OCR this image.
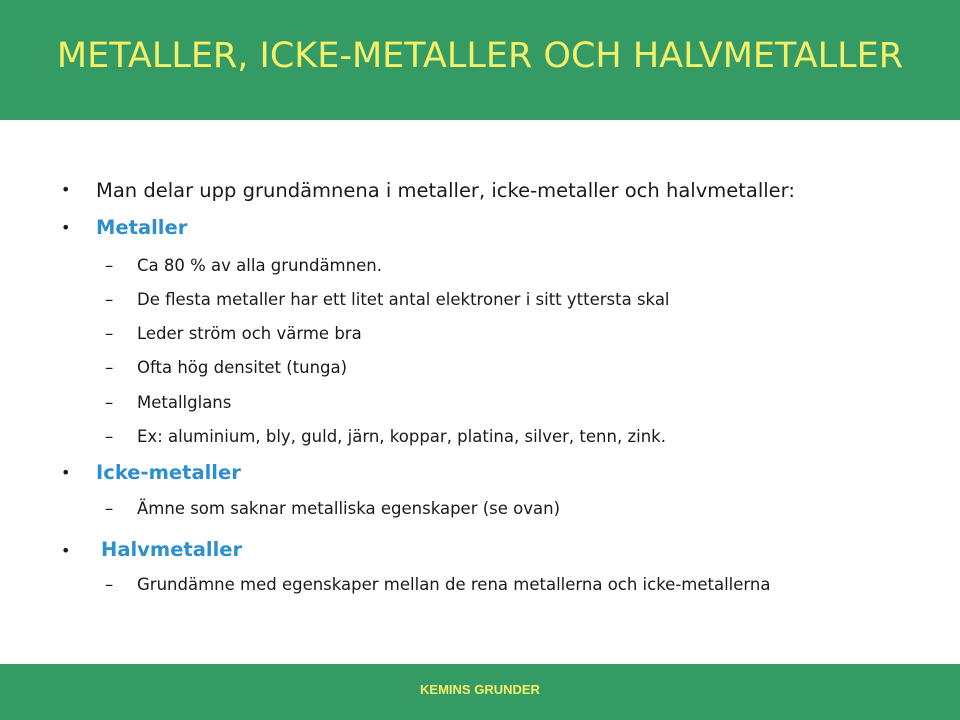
METALLER, ICKE-METALLER OCH HALVMETALLER
• Man delar upp grundämnena i metaller, icke-metaller och halvmetaller:
• Metaller
– Ca 80 % av alla grundämnen.
– De flesta metaller har ett litet antal elektroner i sitt yttersta skal
– Leder ström och värme bra
– Ofta hög densitet (tunga)
– Metallglans
– Ex: aluminium, bly, guld, järn, koppar, platina, silver, tenn, zink.
• Icke-metaller
– Ämne som saknar metalliska egenskaper (se ovan)
• Halvmetaller
– Grundämne med egenskaper mellan de rena metallerna och icke-metallerna
KEMINS GRUNDER
